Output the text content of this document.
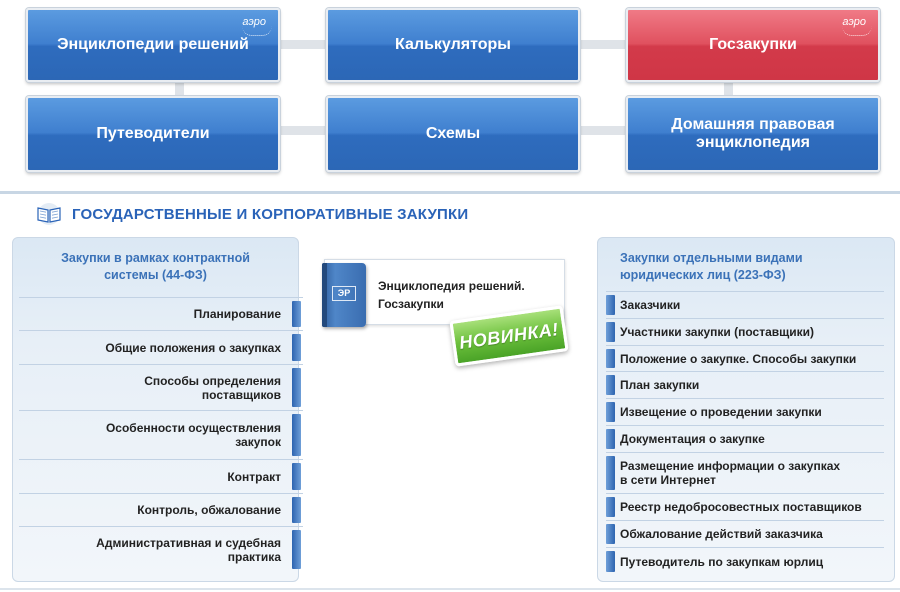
Энциклопедии решений
аэро
Калькуляторы	Госзакупки
аэро
Путеводители	Схемы
Домашняя правовая
энциклопедия
ГОСУДАРСТВЕННЫЕ И КОРПОРАТИВНЫЕ ЗАКУПКИ
Закупки в рамках контрактной
системы (44-ФЗ)
Планирование
Общие положения о закупках
Способы определения
поставщиков
Особенности осуществления
закупок
Контракт
Контроль, обжалование
Административная и судебная
практика
ЭР	Энциклопедия решений.
Госзакупки
НОВИНКА!
Закупки отдельными видами
юридических лиц (223-ФЗ)
Заказчики
Участники закупки (поставщики)
Положение о закупке. Способы закупки
План закупки
Извещение о проведении закупки
Документация о закупке
Размещение информации о закупках
в сети Интернет
Реестр недобросовестных поставщиков
Обжалование действий заказчика
Путеводитель по закупкам юрлиц
